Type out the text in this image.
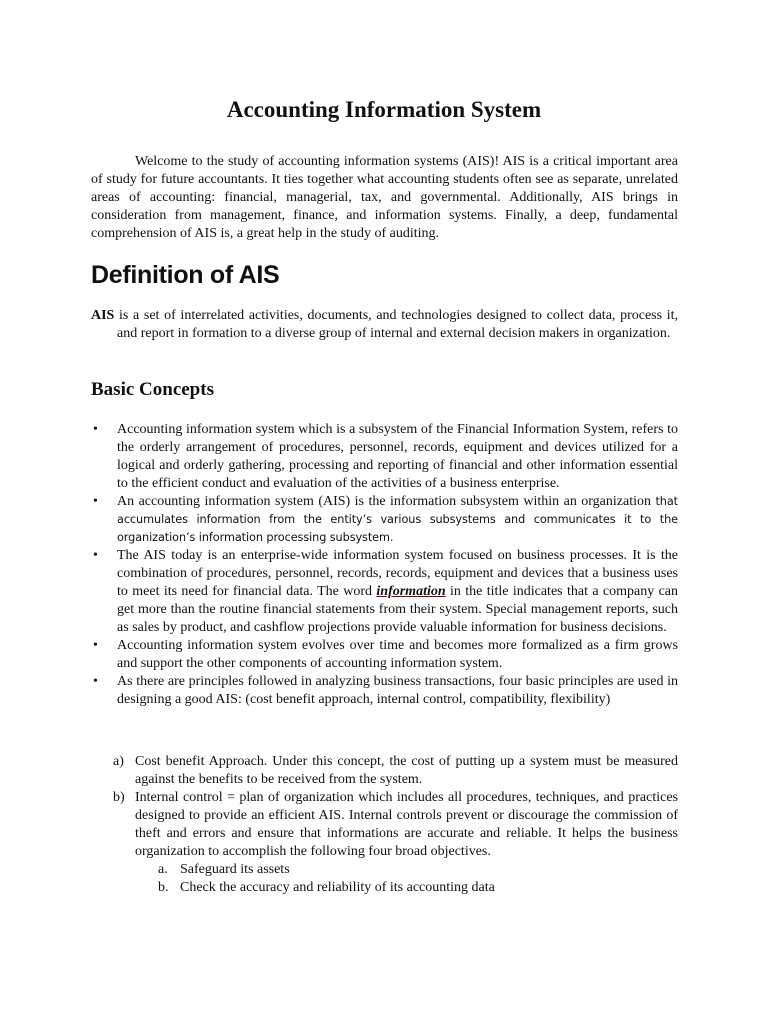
Accounting Information System

Welcome to the study of accounting information systems (AIS)! AIS is a critical important area of study for future accountants. It ties together what accounting students often see as separate, unrelated areas of accounting: financial, managerial, tax, and governmental. Additionally, AIS brings in consideration from management, finance, and information systems. Finally, a deep, fundamental comprehension of AIS is, a great help in the study of auditing.

Definition of AIS

AIS is a set of interrelated activities, documents, and technologies designed to collect data, process it, and report in formation to a diverse group of internal and external decision makers in organization.

Basic Concepts
• Accounting information system which is a subsystem of the Financial Information System, refers to the orderly arrangement of procedures, personnel, records, equipment and devices utilized for a logical and orderly gathering, processing and reporting of financial and other information essential to the efficient conduct and evaluation of the activities of a business enterprise.
• An accounting information system (AIS) is the information subsystem within an organization that accumulates information from the entity’s various subsystems and communicates it to the organization’s information processing subsystem.
• The AIS today is an enterprise-wide information system focused on business processes. It is the combination of procedures, personnel, records, records, equipment and devices that a business uses to meet its need for financial data. The word information in the title indicates that a company can get more than the routine financial statements from their system. Special management reports, such as sales by product, and cashflow projections provide valuable information for business decisions.
• Accounting information system evolves over time and becomes more formalized as a firm grows and support the other components of accounting information system.
• As there are principles followed in analyzing business transactions, four basic principles are used in designing a good AIS: (cost benefit approach, internal control, compatibility, flexibility)
a) Cost benefit Approach. Under this concept, the cost of putting up a system must be measured against the benefits to be received from the system.
b) Internal control = plan of organization which includes all procedures, techniques, and practices designed to provide an efficient AIS. Internal controls prevent or discourage the commission of theft and errors and ensure that informations are accurate and reliable. It helps the business organization to accomplish the following four broad objectives.
a. Safeguard its assets
b. Check the accuracy and reliability of its accounting data
